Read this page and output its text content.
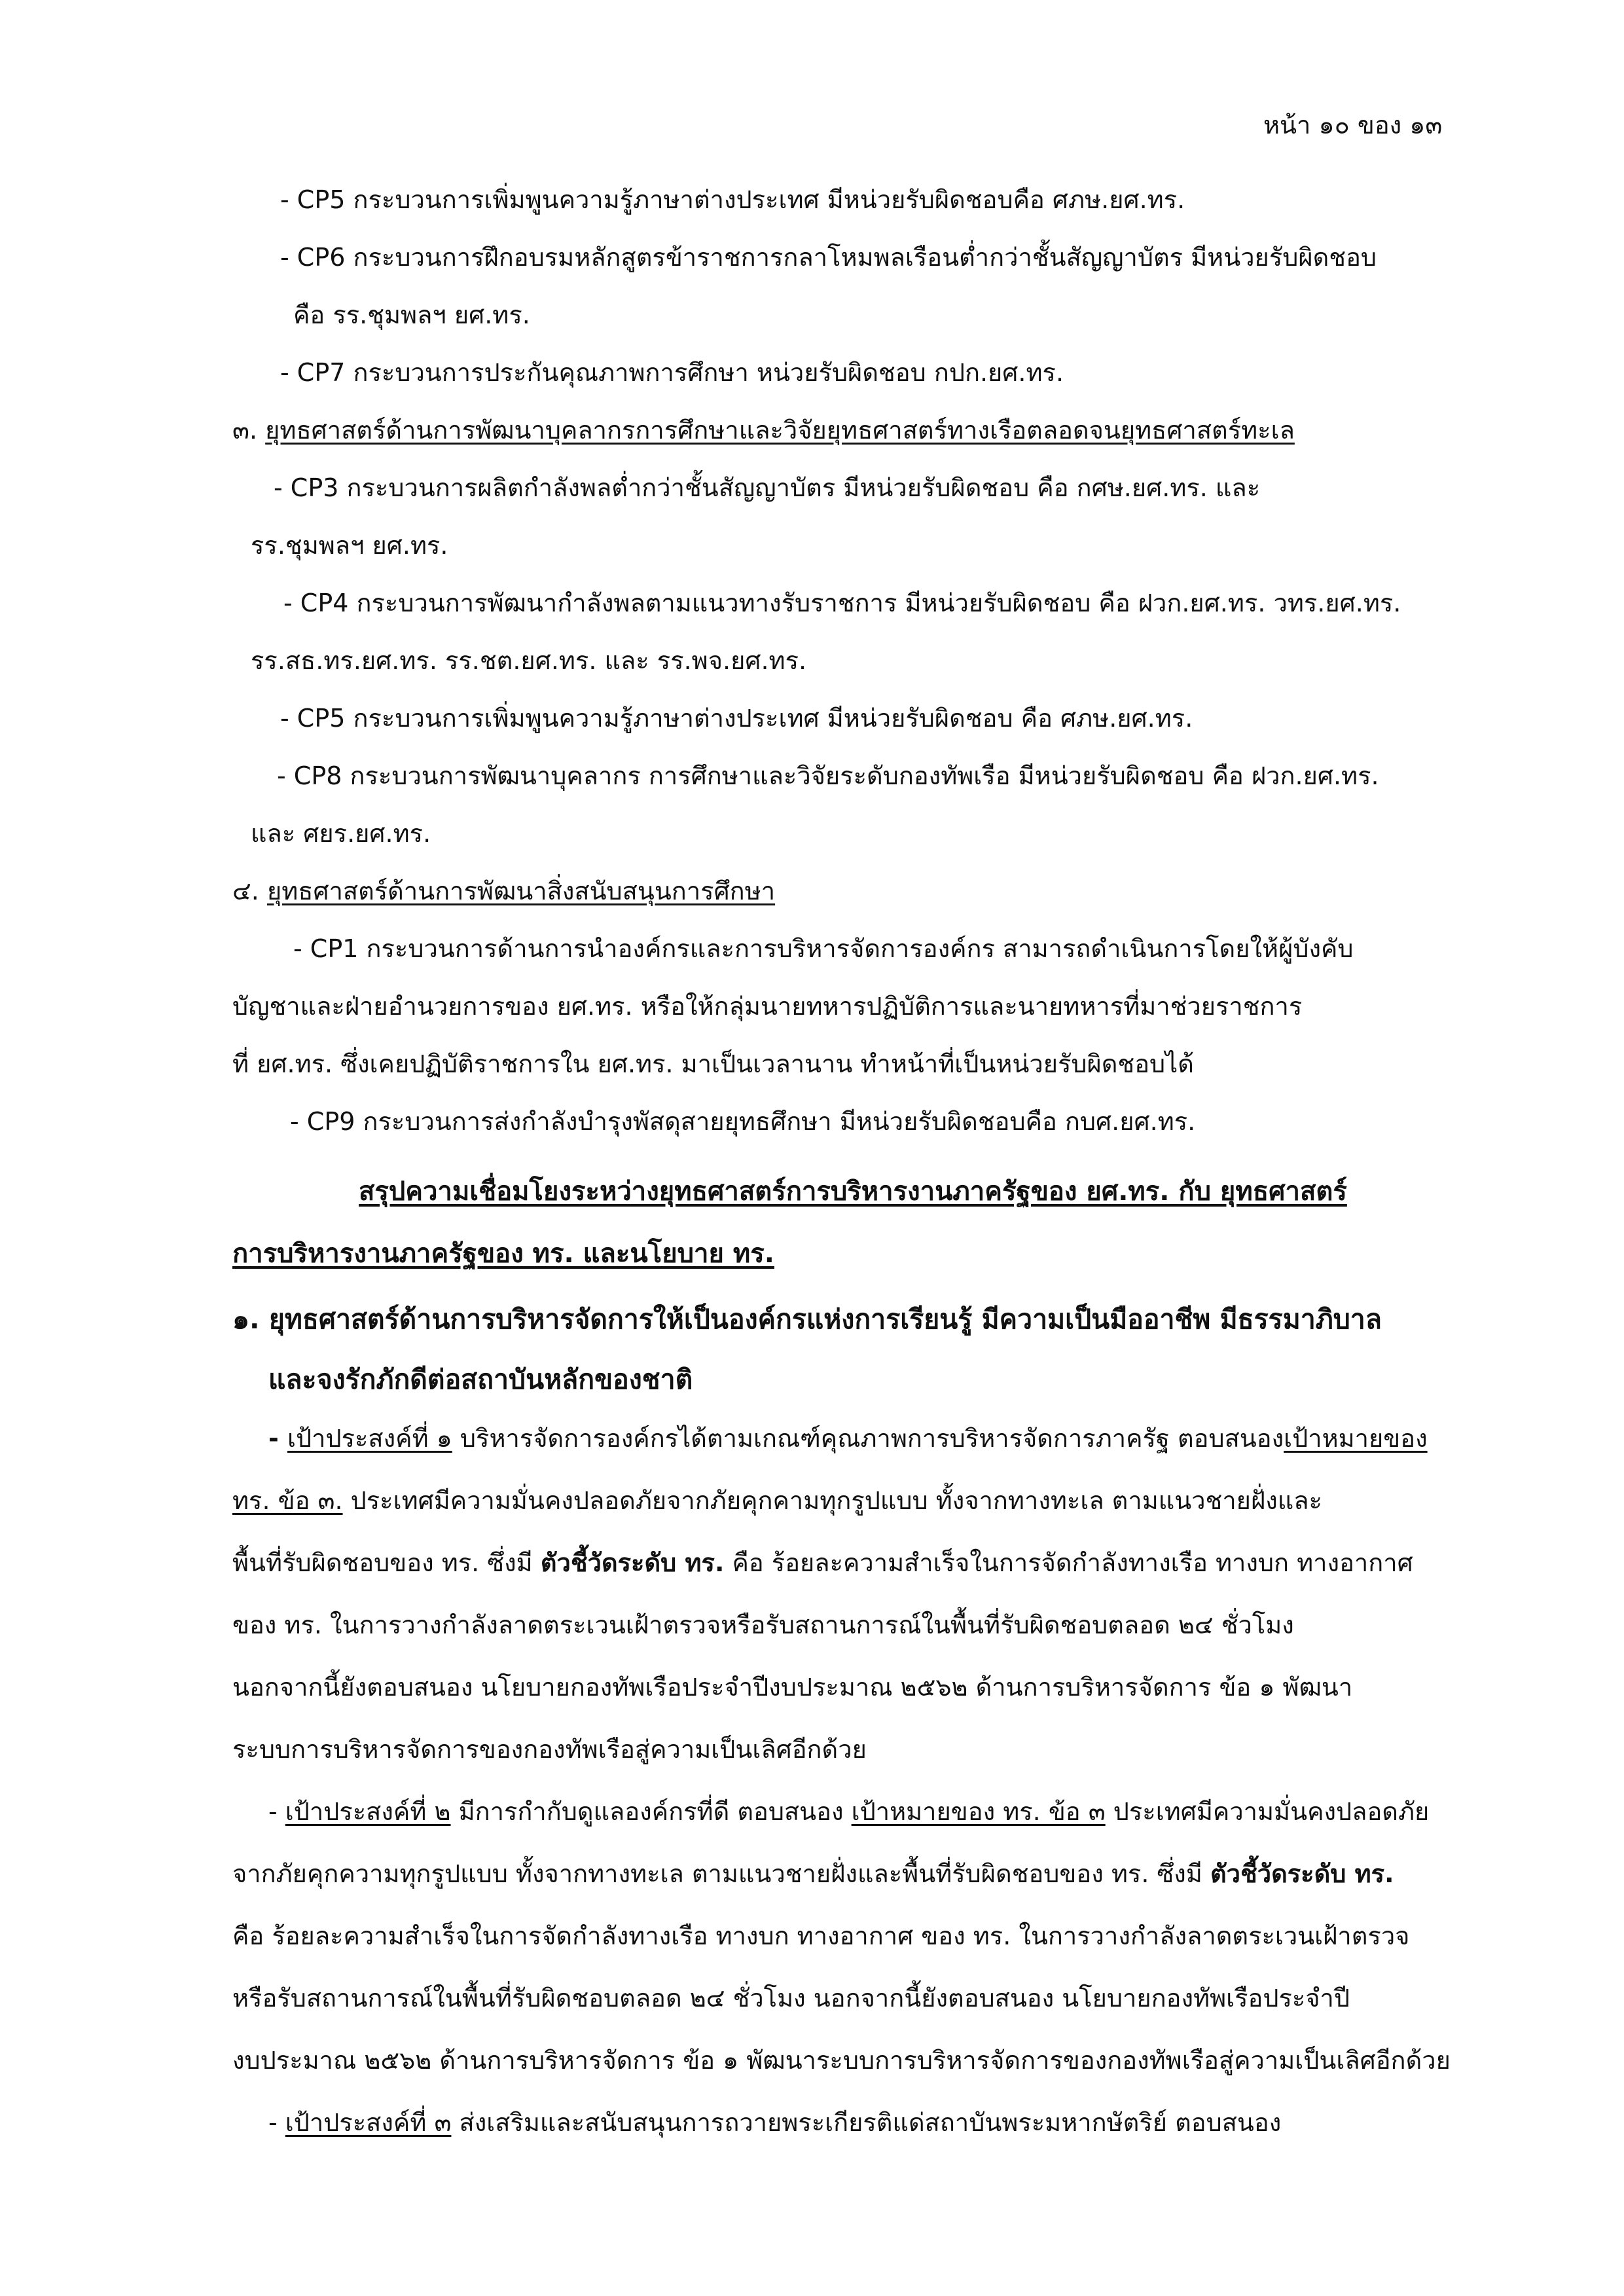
หน้า ๑๐ ของ ๑๓
- CP5 กระบวนการเพิ่มพูนความรู้ภาษาต่างประเทศ มีหน่วยรับผิดชอบคือ ศภษ.ยศ.ทร.
- CP6 กระบวนการฝึกอบรมหลักสูตรข้าราชการกลาโหมพลเรือนต่ำกว่าชั้นสัญญาบัตร มีหน่วยรับผิดชอบ
คือ รร.ชุมพลฯ ยศ.ทร.
- CP7 กระบวนการประกันคุณภาพการศึกษา หน่วยรับผิดชอบ กปก.ยศ.ทร.
๓. ยุทธศาสตร์ด้านการพัฒนาบุคลากรการศึกษาและวิจัยยุทธศาสตร์ทางเรือตลอดจนยุทธศาสตร์ทะเล
- CP3 กระบวนการผลิตกำลังพลต่ำกว่าชั้นสัญญาบัตร มีหน่วยรับผิดชอบ คือ กศษ.ยศ.ทร. และ
รร.ชุมพลฯ ยศ.ทร.
- CP4 กระบวนการพัฒนากำลังพลตามแนวทางรับราชการ มีหน่วยรับผิดชอบ คือ ฝวก.ยศ.ทร. วทร.ยศ.ทร.
รร.สธ.ทร.ยศ.ทร. รร.ชต.ยศ.ทร. และ รร.พจ.ยศ.ทร.
- CP5 กระบวนการเพิ่มพูนความรู้ภาษาต่างประเทศ มีหน่วยรับผิดชอบ คือ ศภษ.ยศ.ทร.
- CP8 กระบวนการพัฒนาบุคลากร การศึกษาและวิจัยระดับกองทัพเรือ มีหน่วยรับผิดชอบ คือ ฝวก.ยศ.ทร.
และ ศยร.ยศ.ทร.
๔. ยุทธศาสตร์ด้านการพัฒนาสิ่งสนับสนุนการศึกษา
- CP1 กระบวนการด้านการนำองค์กรและการบริหารจัดการองค์กร สามารถดำเนินการโดยให้ผู้บังคับ
บัญชาและฝ่ายอำนวยการของ ยศ.ทร. หรือให้กลุ่มนายทหารปฏิบัติการและนายทหารที่มาช่วยราชการ
ที่ ยศ.ทร. ซึ่งเคยปฏิบัติราชการใน ยศ.ทร. มาเป็นเวลานาน ทำหน้าที่เป็นหน่วยรับผิดชอบได้
- CP9 กระบวนการส่งกำลังบำรุงพัสดุสายยุทธศึกษา มีหน่วยรับผิดชอบคือ กบศ.ยศ.ทร.
สรุปความเชื่อมโยงระหว่างยุทธศาสตร์การบริหารงานภาครัฐของ ยศ.ทร. กับ ยุทธศาสตร์
การบริหารงานภาครัฐของ ทร. และนโยบาย ทร.
๑. ยุทธศาสตร์ด้านการบริหารจัดการให้เป็นองค์กรแห่งการเรียนรู้ มีความเป็นมืออาชีพ มีธรรมาภิบาล
และจงรักภักดีต่อสถาบันหลักของชาติ
- เป้าประสงค์ที่ ๑ บริหารจัดการองค์กรได้ตามเกณฑ์คุณภาพการบริหารจัดการภาครัฐ ตอบสนองเป้าหมายของ
ทร. ข้อ ๓. ประเทศมีความมั่นคงปลอดภัยจากภัยคุกคามทุกรูปแบบ ทั้งจากทางทะเล ตามแนวชายฝั่งและ
พื้นที่รับผิดชอบของ ทร. ซึ่งมี ตัวชี้วัดระดับ ทร. คือ ร้อยละความสำเร็จในการจัดกำลังทางเรือ ทางบก ทางอากาศ
ของ ทร. ในการวางกำลังลาดตระเวนเฝ้าตรวจหรือรับสถานการณ์ในพื้นที่รับผิดชอบตลอด ๒๔ ชั่วโมง
นอกจากนี้ยังตอบสนอง นโยบายกองทัพเรือประจำปีงบประมาณ ๒๕๖๒ ด้านการบริหารจัดการ ข้อ ๑ พัฒนา
ระบบการบริหารจัดการของกองทัพเรือสู่ความเป็นเลิศอีกด้วย
- เป้าประสงค์ที่ ๒ มีการกำกับดูแลองค์กรที่ดี ตอบสนอง เป้าหมายของ ทร. ข้อ ๓ ประเทศมีความมั่นคงปลอดภัย
จากภัยคุกความทุกรูปแบบ ทั้งจากทางทะเล ตามแนวชายฝั่งและพื้นที่รับผิดชอบของ ทร. ซึ่งมี ตัวชี้วัดระดับ ทร.
คือ ร้อยละความสำเร็จในการจัดกำลังทางเรือ ทางบก ทางอากาศ ของ ทร. ในการวางกำลังลาดตระเวนเฝ้าตรวจ
หรือรับสถานการณ์ในพื้นที่รับผิดชอบตลอด ๒๔ ชั่วโมง นอกจากนี้ยังตอบสนอง นโยบายกองทัพเรือประจำปี
งบประมาณ ๒๕๖๒ ด้านการบริหารจัดการ ข้อ ๑ พัฒนาระบบการบริหารจัดการของกองทัพเรือสู่ความเป็นเลิศอีกด้วย
- เป้าประสงค์ที่ ๓ ส่งเสริมและสนับสนุนการถวายพระเกียรติแด่สถาบันพระมหากษัตริย์ ตอบสนอง
